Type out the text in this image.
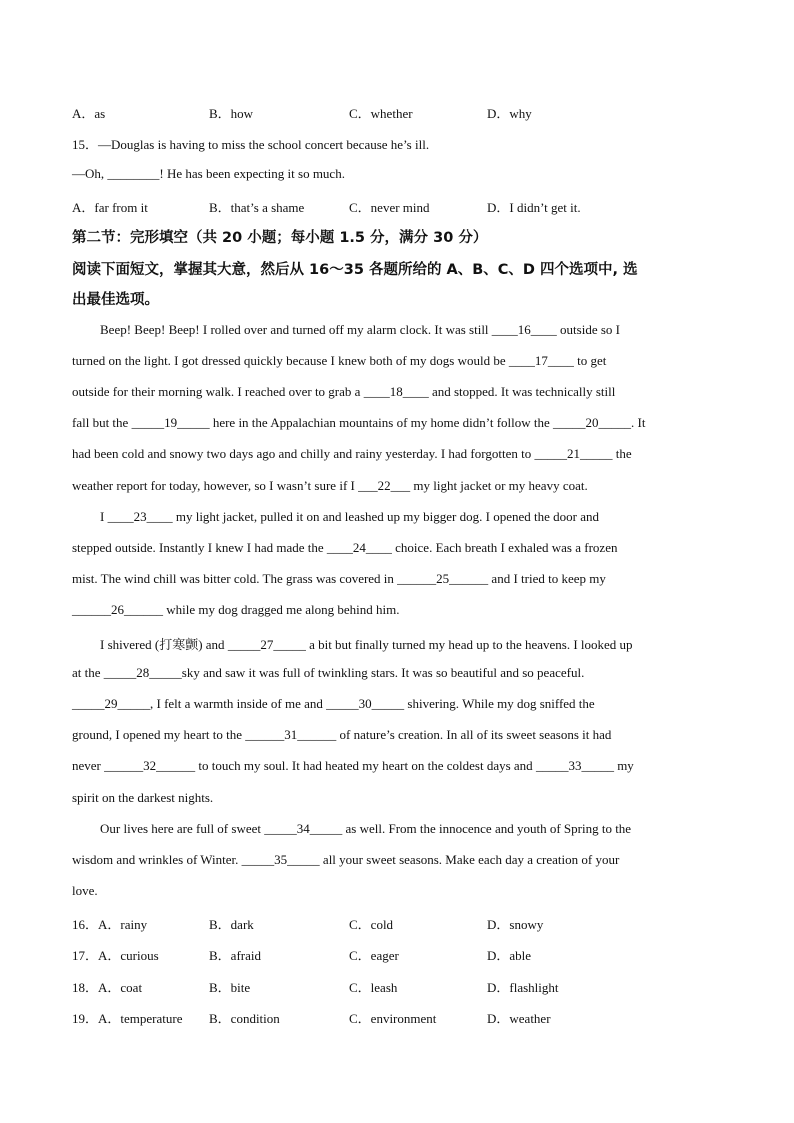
A．as	B．how	C．whether	D．why
15．—Douglas is having to miss the school concert because he’s ill.
—Oh, ________! He has been expecting it so much.
A．far from it	B．that’s a shame	C．never mind	D．I didn’t get it.
第二节：完形填空（共 20 小题；每小题 1.5 分，满分 30 分）
阅读下面短文，掌握其大意，然后从 16～35 各题所给的 A、B、C、D 四个选项中, 选
出最佳选项。
Beep! Beep! Beep! I rolled over and turned off my alarm clock. It was still ____16____ outside so I
turned on the light. I got dressed quickly because I knew both of my dogs would be ____17____ to get
outside for their morning walk. I reached over to grab a ____18____ and stopped. It was technically still
fall but the _____19_____ here in the Appalachian mountains of my home didn’t follow the _____20_____. It
had been cold and snowy two days ago and chilly and rainy yesterday. I had forgotten to _____21_____ the
weather report for today, however, so I wasn’t sure if I ___22___ my light jacket or my heavy coat.
I ____23____ my light jacket, pulled it on and leashed up my bigger dog. I opened the door and
stepped outside. Instantly I knew I had made the ____24____ choice. Each breath I exhaled was a frozen
mist. The wind chill was bitter cold. The grass was covered in ______25______ and I tried to keep my
______26______ while my dog dragged me along behind him.
I shivered (打寒颤) and _____27_____ a bit but finally turned my head up to the heavens. I looked up
at the _____28_____sky and saw it was full of twinkling stars. It was so beautiful and so peaceful.
_____29_____, I felt a warmth inside of me and _____30_____ shivering. While my dog sniffed the
ground, I opened my heart to the ______31______ of nature’s creation. In all of its sweet seasons it had
never ______32______ to touch my soul. It had heated my heart on the coldest days and _____33_____ my
spirit on the darkest nights.
Our lives here are full of sweet _____34_____ as well. From the innocence and youth of Spring to the
wisdom and wrinkles of Winter. _____35_____ all your sweet seasons. Make each day a creation of your
love.
16．A．rainy	B．dark	C．cold	D．snowy
17．A．curious	B．afraid	C．eager	D．able
18．A．coat	B．bite	C．leash	D．flashlight
19．A．temperature B．condition	C．environment	D．weather
